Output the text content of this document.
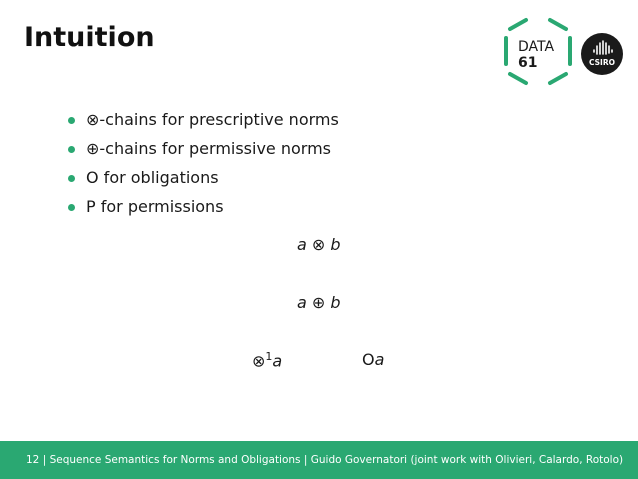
Intuition	DATA
61	CSIRO
⊗-chains for prescriptive norms
⊕-chains for permissive norms
O for obligations
P for permissions
a ⊗ b
a ⊕ b
⊗$^1$a	Oa
12 | Sequence Semantics for Norms and Obligations | Guido Governatori (joint work with Olivieri, Calardo, Rotolo)
